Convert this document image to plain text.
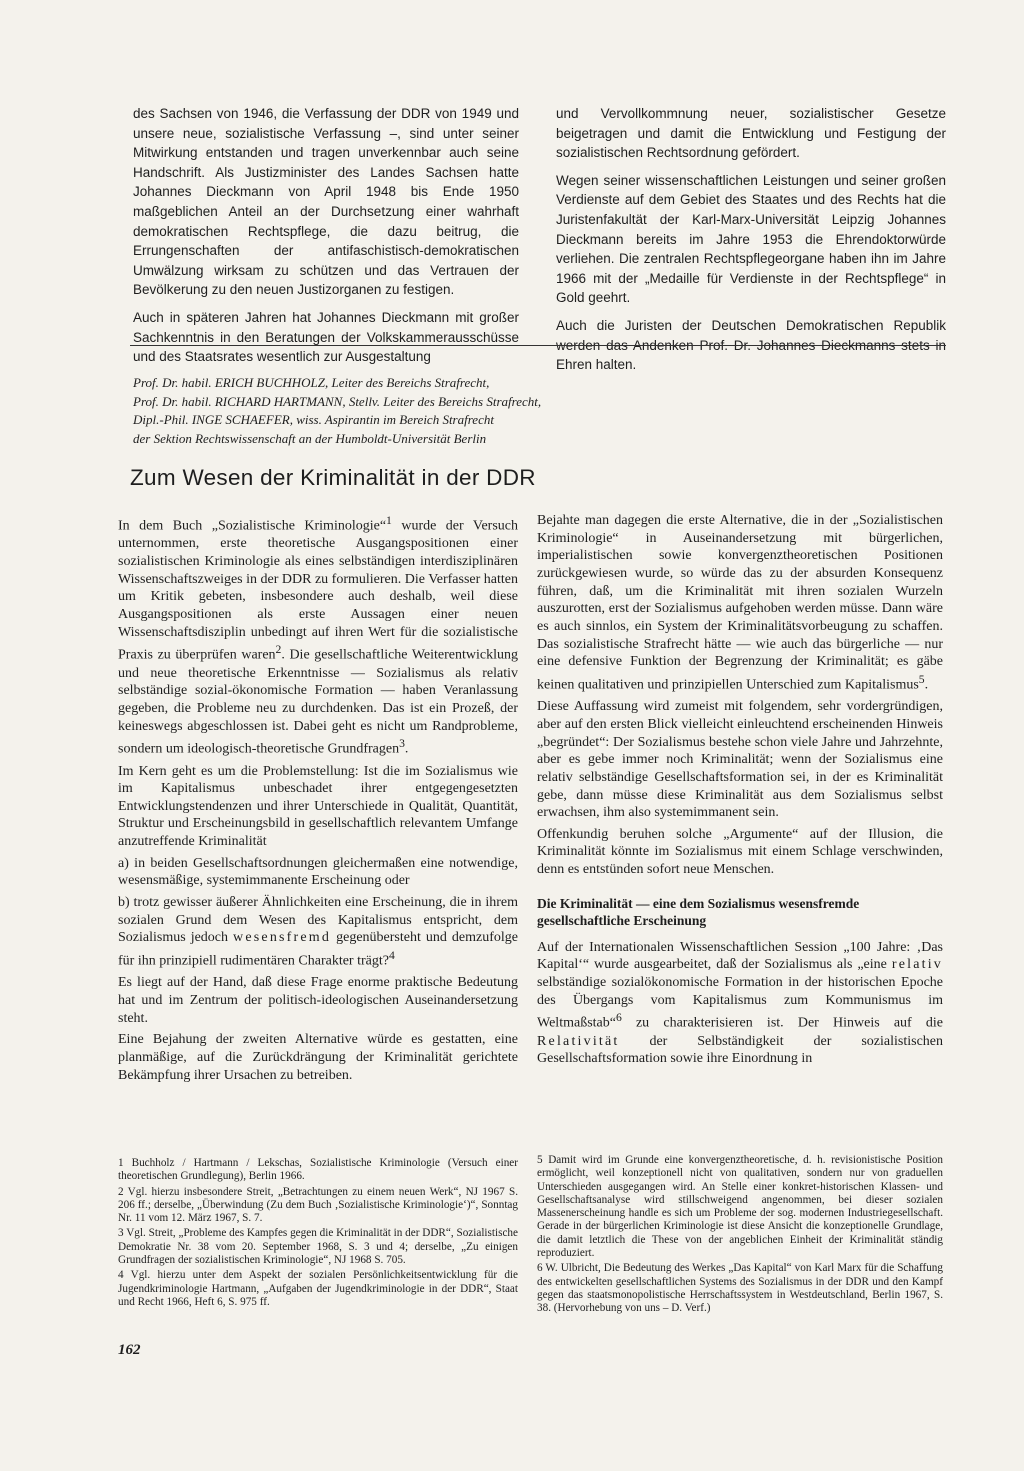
des Sachsen von 1946, die Verfassung der DDR von 1949 und unsere neue, sozialistische Verfassung –, sind unter seiner Mitwirkung entstanden und tragen unverkennbar auch seine Handschrift. Als Justizminister des Landes Sachsen hatte Johannes Dieckmann von April 1948 bis Ende 1950 maßgeblichen Anteil an der Durchsetzung einer wahrhaft demokratischen Rechtspflege, die dazu beitrug, die Errungenschaften der antifaschistisch-demokratischen Umwälzung wirksam zu schützen und das Vertrauen der Bevölkerung zu den neuen Justizorganen zu festigen.

Auch in späteren Jahren hat Johannes Dieckmann mit großer Sachkenntnis in den Beratungen der Volkskammerausschüsse und des Staatsrates wesentlich zur Ausgestaltung

und Vervollkommnung neuer, sozialistischer Gesetze beigetragen und damit die Entwicklung und Festigung der sozialistischen Rechtsordnung gefördert.

Wegen seiner wissenschaftlichen Leistungen und seiner großen Verdienste auf dem Gebiet des Staates und des Rechts hat die Juristenfakultät der Karl-Marx-Universität Leipzig Johannes Dieckmann bereits im Jahre 1953 die Ehrendoktorwürde verliehen. Die zentralen Rechtspflegeorgane haben ihn im Jahre 1966 mit der „Medaille für Verdienste in der Rechtspflege“ in Gold geehrt.

Auch die Juristen der Deutschen Demokratischen Republik werden das Andenken Prof. Dr. Johannes Dieckmanns stets in Ehren halten.

Prof. Dr. habil. ERICH BUCHHOLZ, Leiter des Bereichs Strafrecht,
Prof. Dr. habil. RICHARD HARTMANN, Stellv. Leiter des Bereichs Strafrecht,
Dipl.-Phil. INGE SCHAEFER, wiss. Aspirantin im Bereich Strafrecht
der Sektion Rechtswissenschaft an der Humboldt-Universität Berlin
Zum Wesen der Kriminalität in der DDR

In dem Buch „Sozialistische Kriminologie“$^1$ wurde der Versuch unternommen, erste theoretische Ausgangspositionen einer sozialistischen Kriminologie als eines selbständigen interdisziplinären Wissenschaftszweiges in der DDR zu formulieren. Die Verfasser hatten um Kritik gebeten, insbesondere auch deshalb, weil diese Ausgangspositionen als erste Aussagen einer neuen Wissenschaftsdisziplin unbedingt auf ihren Wert für die sozialistische Praxis zu überprüfen waren$^2$. Die gesellschaftliche Weiterentwicklung und neue theoretische Erkenntnisse — Sozialismus als relativ selbständige sozial-ökonomische Formation — haben Veranlassung gegeben, die Probleme neu zu durchdenken. Das ist ein Prozeß, der keineswegs abgeschlossen ist. Dabei geht es nicht um Randprobleme, sondern um ideologisch-theoretische Grundfragen$^3$.

Im Kern geht es um die Problemstellung: Ist die im Sozialismus wie im Kapitalismus unbeschadet ihrer entgegengesetzten Entwicklungstendenzen und ihrer Unterschiede in Qualität, Quantität, Struktur und Erscheinungsbild in gesellschaftlich relevantem Umfange anzutreffende Kriminalität

a) in beiden Gesellschaftsordnungen gleichermaßen eine notwendige, wesensmäßige, systemimmanente Erscheinung oder

b) trotz gewisser äußerer Ähnlichkeiten eine Erscheinung, die in ihrem sozialen Grund dem Wesen des Kapitalismus entspricht, dem Sozialismus jedoch wesensfremd gegenübersteht und demzufolge für ihn prinzipiell rudimentären Charakter trägt?$^4$

Es liegt auf der Hand, daß diese Frage enorme praktische Bedeutung hat und im Zentrum der politisch-ideologischen Auseinandersetzung steht.

Eine Bejahung der zweiten Alternative würde es gestatten, eine planmäßige, auf die Zurückdrängung der Kriminalität gerichtete Bekämpfung ihrer Ursachen zu betreiben.

Bejahte man dagegen die erste Alternative, die in der „Sozialistischen Kriminologie“ in Auseinandersetzung mit bürgerlichen, imperialistischen sowie konvergenztheoretischen Positionen zurückgewiesen wurde, so würde das zu der absurden Konsequenz führen, daß, um die Kriminalität mit ihren sozialen Wurzeln auszurotten, erst der Sozialismus aufgehoben werden müsse. Dann wäre es auch sinnlos, ein System der Kriminalitätsvorbeugung zu schaffen. Das sozialistische Strafrecht hätte — wie auch das bürgerliche — nur eine defensive Funktion der Begrenzung der Kriminalität; es gäbe keinen qualitativen und prinzipiellen Unterschied zum Kapitalismus$^5$.

Diese Auffassung wird zumeist mit folgendem, sehr vordergründigen, aber auf den ersten Blick vielleicht einleuchtend erscheinenden Hinweis „begründet“: Der Sozialismus bestehe schon viele Jahre und Jahrzehnte, aber es gebe immer noch Kriminalität; wenn der Sozialismus eine relativ selbständige Gesellschaftsformation sei, in der es Kriminalität gebe, dann müsse diese Kriminalität aus dem Sozialismus selbst erwachsen, ihm also systemimmanent sein.

Offenkundig beruhen solche „Argumente“ auf der Illusion, die Kriminalität könnte im Sozialismus mit einem Schlage verschwinden, denn es entstünden sofort neue Menschen.

Die Kriminalität — eine dem Sozialismus wesensfremde gesellschaftliche Erscheinung

Auf der Internationalen Wissenschaftlichen Session „100 Jahre: ‚Das Kapital‘“ wurde ausgearbeitet, daß der Sozialismus als „eine relativ selbständige sozialökonomische Formation in der historischen Epoche des Übergangs vom Kapitalismus zum Kommunismus im Weltmaßstab“$^6$ zu charakterisieren ist. Der Hinweis auf die Relativität der Selbständigkeit der sozialistischen Gesellschaftsformation sowie ihre Einordnung in

1 Buchholz / Hartmann / Lekschas, Sozialistische Kriminologie (Versuch einer theoretischen Grundlegung), Berlin 1966.

2 Vgl. hierzu insbesondere Streit, „Betrachtungen zu einem neuen Werk“, NJ 1967 S. 206 ff.; derselbe, „Überwindung (Zu dem Buch ‚Sozialistische Kriminologie‘)“, Sonntag Nr. 11 vom 12. März 1967, S. 7.

3 Vgl. Streit, „Probleme des Kampfes gegen die Kriminalität in der DDR“, Sozialistische Demokratie Nr. 38 vom 20. September 1968, S. 3 und 4; derselbe, „Zu einigen Grundfragen der sozialistischen Kriminologie“, NJ 1968 S. 705.

4 Vgl. hierzu unter dem Aspekt der sozialen Persönlichkeitsentwicklung für die Jugendkriminologie Hartmann, „Aufgaben der Jugendkriminologie in der DDR“, Staat und Recht 1966, Heft 6, S. 975 ff.

5 Damit wird im Grunde eine konvergenztheoretische, d. h. revisionistische Position ermöglicht, weil konzeptionell nicht von qualitativen, sondern nur von graduellen Unterschieden ausgegangen wird. An Stelle einer konkret-historischen Klassen- und Gesellschaftsanalyse wird stillschweigend angenommen, bei dieser sozialen Massenerscheinung handle es sich um Probleme der sog. modernen Industriegesellschaft. Gerade in der bürgerlichen Kriminologie ist diese Ansicht die konzeptionelle Grundlage, die damit letztlich die These von der angeblichen Einheit der Kriminalität ständig reproduziert.

6 W. Ulbricht, Die Bedeutung des Werkes „Das Kapital“ von Karl Marx für die Schaffung des entwickelten gesellschaftlichen Systems des Sozialismus in der DDR und den Kampf gegen das staatsmonopolistische Herrschaftssystem in Westdeutschland, Berlin 1967, S. 38. (Hervorhebung von uns – D. Verf.)

162
